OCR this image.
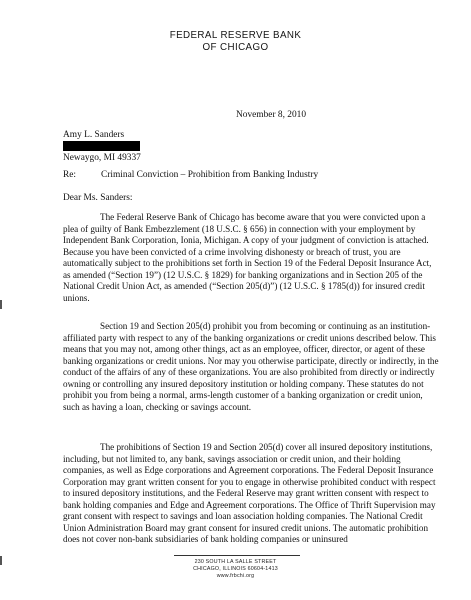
FEDERAL RESERVE BANK
OF CHICAGO
November 8, 2010
Amy L. Sanders
Newaygo, MI 49337
Re:	Criminal Conviction – Prohibition from Banking Industry
Dear Ms. Sanders:

The Federal Reserve Bank of Chicago has become aware that you were convicted upon a plea of guilty of Bank Embezzlement (18 U.S.C. § 656) in connection with your employment by Independent Bank Corporation, Ionia, Michigan. A copy of your judgment of conviction is attached. Because you have been convicted of a crime involving dishonesty or breach of trust, you are automatically subject to the prohibitions set forth in Section 19 of the Federal Deposit Insurance Act, as amended (“Section 19”) (12 U.S.C. § 1829) for banking organizations and in Section 205 of the National Credit Union Act, as amended (“Section 205(d)”) (12 U.S.C. § 1785(d)) for insured credit unions.

Section 19 and Section 205(d) prohibit you from becoming or continuing as an institution-affiliated party with respect to any of the banking organizations or credit unions described below. This means that you may not, among other things, act as an employee, officer, director, or agent of these banking organizations or credit unions. Nor may you otherwise participate, directly or indirectly, in the conduct of the affairs of any of these organizations. You are also prohibited from directly or indirectly owning or controlling any insured depository institution or holding company. These statutes do not prohibit you from being a normal, arms-length customer of a banking organization or credit union, such as having a loan, checking or savings account.

The prohibitions of Section 19 and Section 205(d) cover all insured depository institutions, including, but not limited to, any bank, savings association or credit union, and their holding companies, as well as Edge corporations and Agreement corporations. The Federal Deposit Insurance Corporation may grant written consent for you to engage in otherwise prohibited conduct with respect to insured depository institutions, and the Federal Reserve may grant written consent with respect to bank holding companies and Edge and Agreement corporations. The Office of Thrift Supervision may grant consent with respect to savings and loan association holding companies. The National Credit Union Administration Board may grant consent for insured credit unions. The automatic prohibition does not cover non-bank subsidiaries of bank holding companies or uninsured

230 SOUTH LA SALLE STREET
CHICAGO, ILLINOIS 60604-1413
www.frbchi.org
